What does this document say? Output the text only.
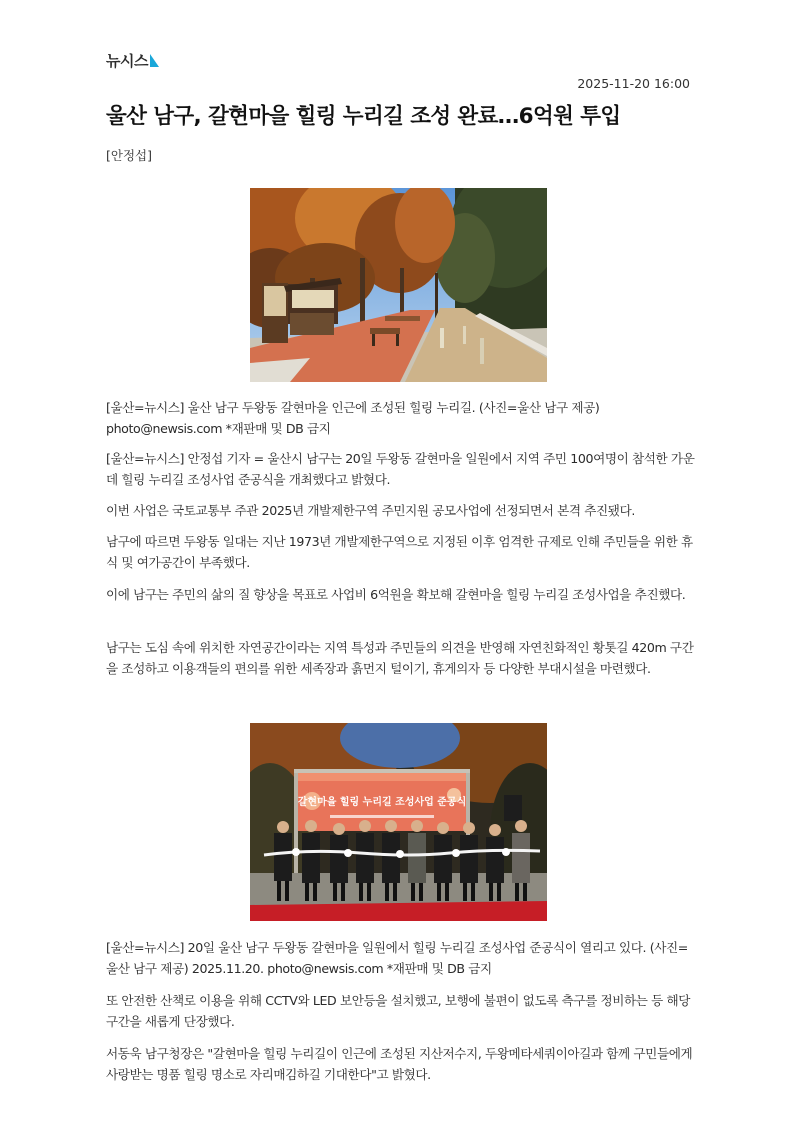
뉴시스
2025-11-20 16:00
울산 남구, 갈현마을 힐링 누리길 조성 완료…6억원 투입
[안정섭]

[울산=뉴시스] 울산 남구 두왕동 갈현마을 인근에 조성된 힐링 누리길. (사진=울산 남구 제공) photo@newsis.com *재판매 및 DB 금지

[울산=뉴시스] 안정섭 기자 = 울산시 남구는 20일 두왕동 갈현마을 일원에서 지역 주민 100여명이 참석한 가운데 힐링 누리길 조성사업 준공식을 개최했다고 밝혔다.

이번 사업은 국토교통부 주관 2025년 개발제한구역 주민지원 공모사업에 선정되면서 본격 추진됐다.

남구에 따르면 두왕동 일대는 지난 1973년 개발제한구역으로 지정된 이후 엄격한 규제로 인해 주민들을 위한 휴식 및 여가공간이 부족했다.

이에 남구는 주민의 삶의 질 향상을 목표로 사업비 6억원을 확보해 갈현마을 힐링 누리길 조성사업을 추진했다.

남구는 도심 속에 위치한 자연공간이라는 지역 특성과 주민들의 의견을 반영해 자연친화적인 황톳길 420m 구간을 조성하고 이용객들의 편의를 위한 세족장과 흙먼지 털이기, 휴게의자 등 다양한 부대시설을 마련했다.

갈현마을 힐링 누리길 조성사업 준공식

[울산=뉴시스] 20일 울산 남구 두왕동 갈현마을 일원에서 힐링 누리길 조성사업 준공식이 열리고 있다. (사진=울산 남구 제공) 2025.11.20. photo@newsis.com *재판매 및 DB 금지

또 안전한 산책로 이용을 위해 CCTV와 LED 보안등을 설치했고, 보행에 불편이 없도록 측구를 정비하는 등 해당 구간을 새롭게 단장했다.

서동욱 남구청장은 "갈현마을 힐링 누리길이 인근에 조성된 지산저수지, 두왕메타세쿼이아길과 함께 구민들에게 사랑받는 명품 힐링 명소로 자리매김하길 기대한다"고 밝혔다.
